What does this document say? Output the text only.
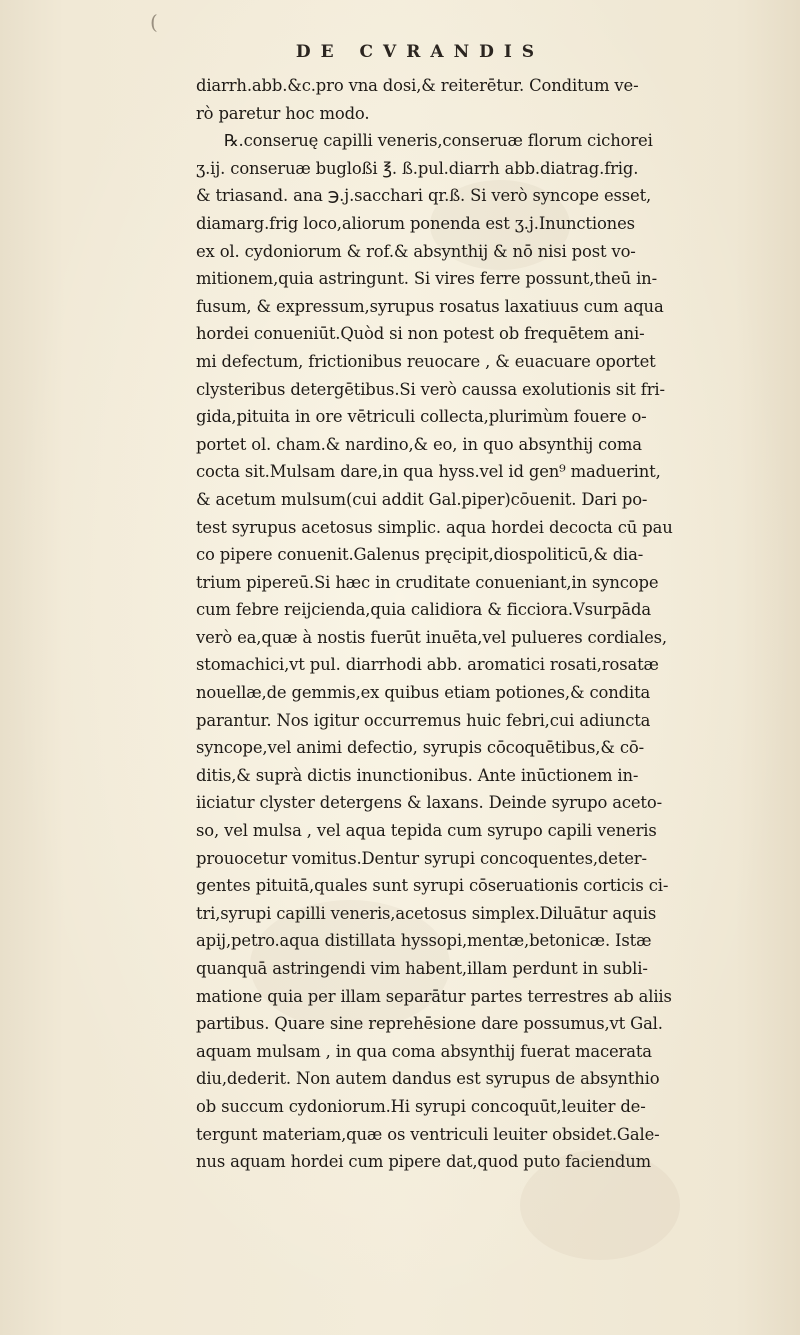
(
DE CVRANDIS
diarrh.abb.&c.pro vna dosi,& reiterētur. Conditum ve-
rò paretur hoc modo.
℞.conseruę capilli veneris,conseruæ florum cichorei
ʒ.ij. conseruæ bugloßi ℥. ß.pul.diarrh abb.diatrag.frig.
& triasand. ana ℈.j.sacchari qr.ß. Si verò syncope esset,
diamarg.frig loco,aliorum ponenda est ʒ.j.Inunctiones
ex ol. cydoniorum & rof.& absynthij & nō nisi post vo-
mitionem,quia astringunt. Si vires ferre possunt,theū in-
fusum, & expressum,syrupus rosatus laxatiuus cum aqua
hordei conueniūt.Quòd si non potest ob frequētem ani-
mi defectum, frictionibus reuocare , & euacuare oportet
clysteribus detergētibus.Si verò caussa exolutionis sit fri-
gida,pituita in ore vētriculi collecta,plurimùm fouere o-
portet ol. cham.& nardino,& eo, in quo absynthij coma
cocta sit.Mulsam dare,in qua hyss.vel id gen⁹ maduerint,
& acetum mulsum(cui addit Gal.piper)cōuenit. Dari po-
test syrupus acetosus simplic. aqua hordei decocta cū pau
co pipere conuenit.Galenus pręcipit,diospoliticū,& dia-
trium pipereū.Si hæc in cruditate conueniant,in syncope
cum febre reijcienda,quia calidiora & ficciora.Vsurpāda
verò ea,quæ à nostis fuerūt inuēta,vel pulueres cordiales,
stomachici,vt pul. diarrhodi abb. aromatici rosati,rosatæ
nouellæ,de gemmis,ex quibus etiam potiones,& condita
parantur. Nos igitur occurremus huic febri,cui adiuncta
syncope,vel animi defectio, syrupis cōcoquētibus,& cō-
ditis,& suprà dictis inunctionibus. Ante inūctionem in-
iiciatur clyster detergens & laxans. Deinde syrupo aceto-
so, vel mulsa , vel aqua tepida cum syrupo capili veneris
prouocetur vomitus.Dentur syrupi concoquentes,deter-
gentes pituitā,quales sunt syrupi cōseruationis corticis ci-
tri,syrupi capilli veneris,acetosus simplex.Diluātur aquis
apij,petro.aqua distillata hyssopi,mentæ,betonicæ. Istæ
quanquā astringendi vim habent,illam perdunt in subli-
matione quia per illam separātur partes terrestres ab aliis
partibus. Quare sine reprehēsione dare possumus,vt Gal.
aquam mulsam , in qua coma absynthij fuerat macerata
diu,dederit. Non autem dandus est syrupus de absynthio
ob succum cydoniorum.Hi syrupi concoquūt,leuiter de-
tergunt materiam,quæ os ventriculi leuiter obsidet.Gale-
nus aquam hordei cum pipere dat,quod puto faciendum
